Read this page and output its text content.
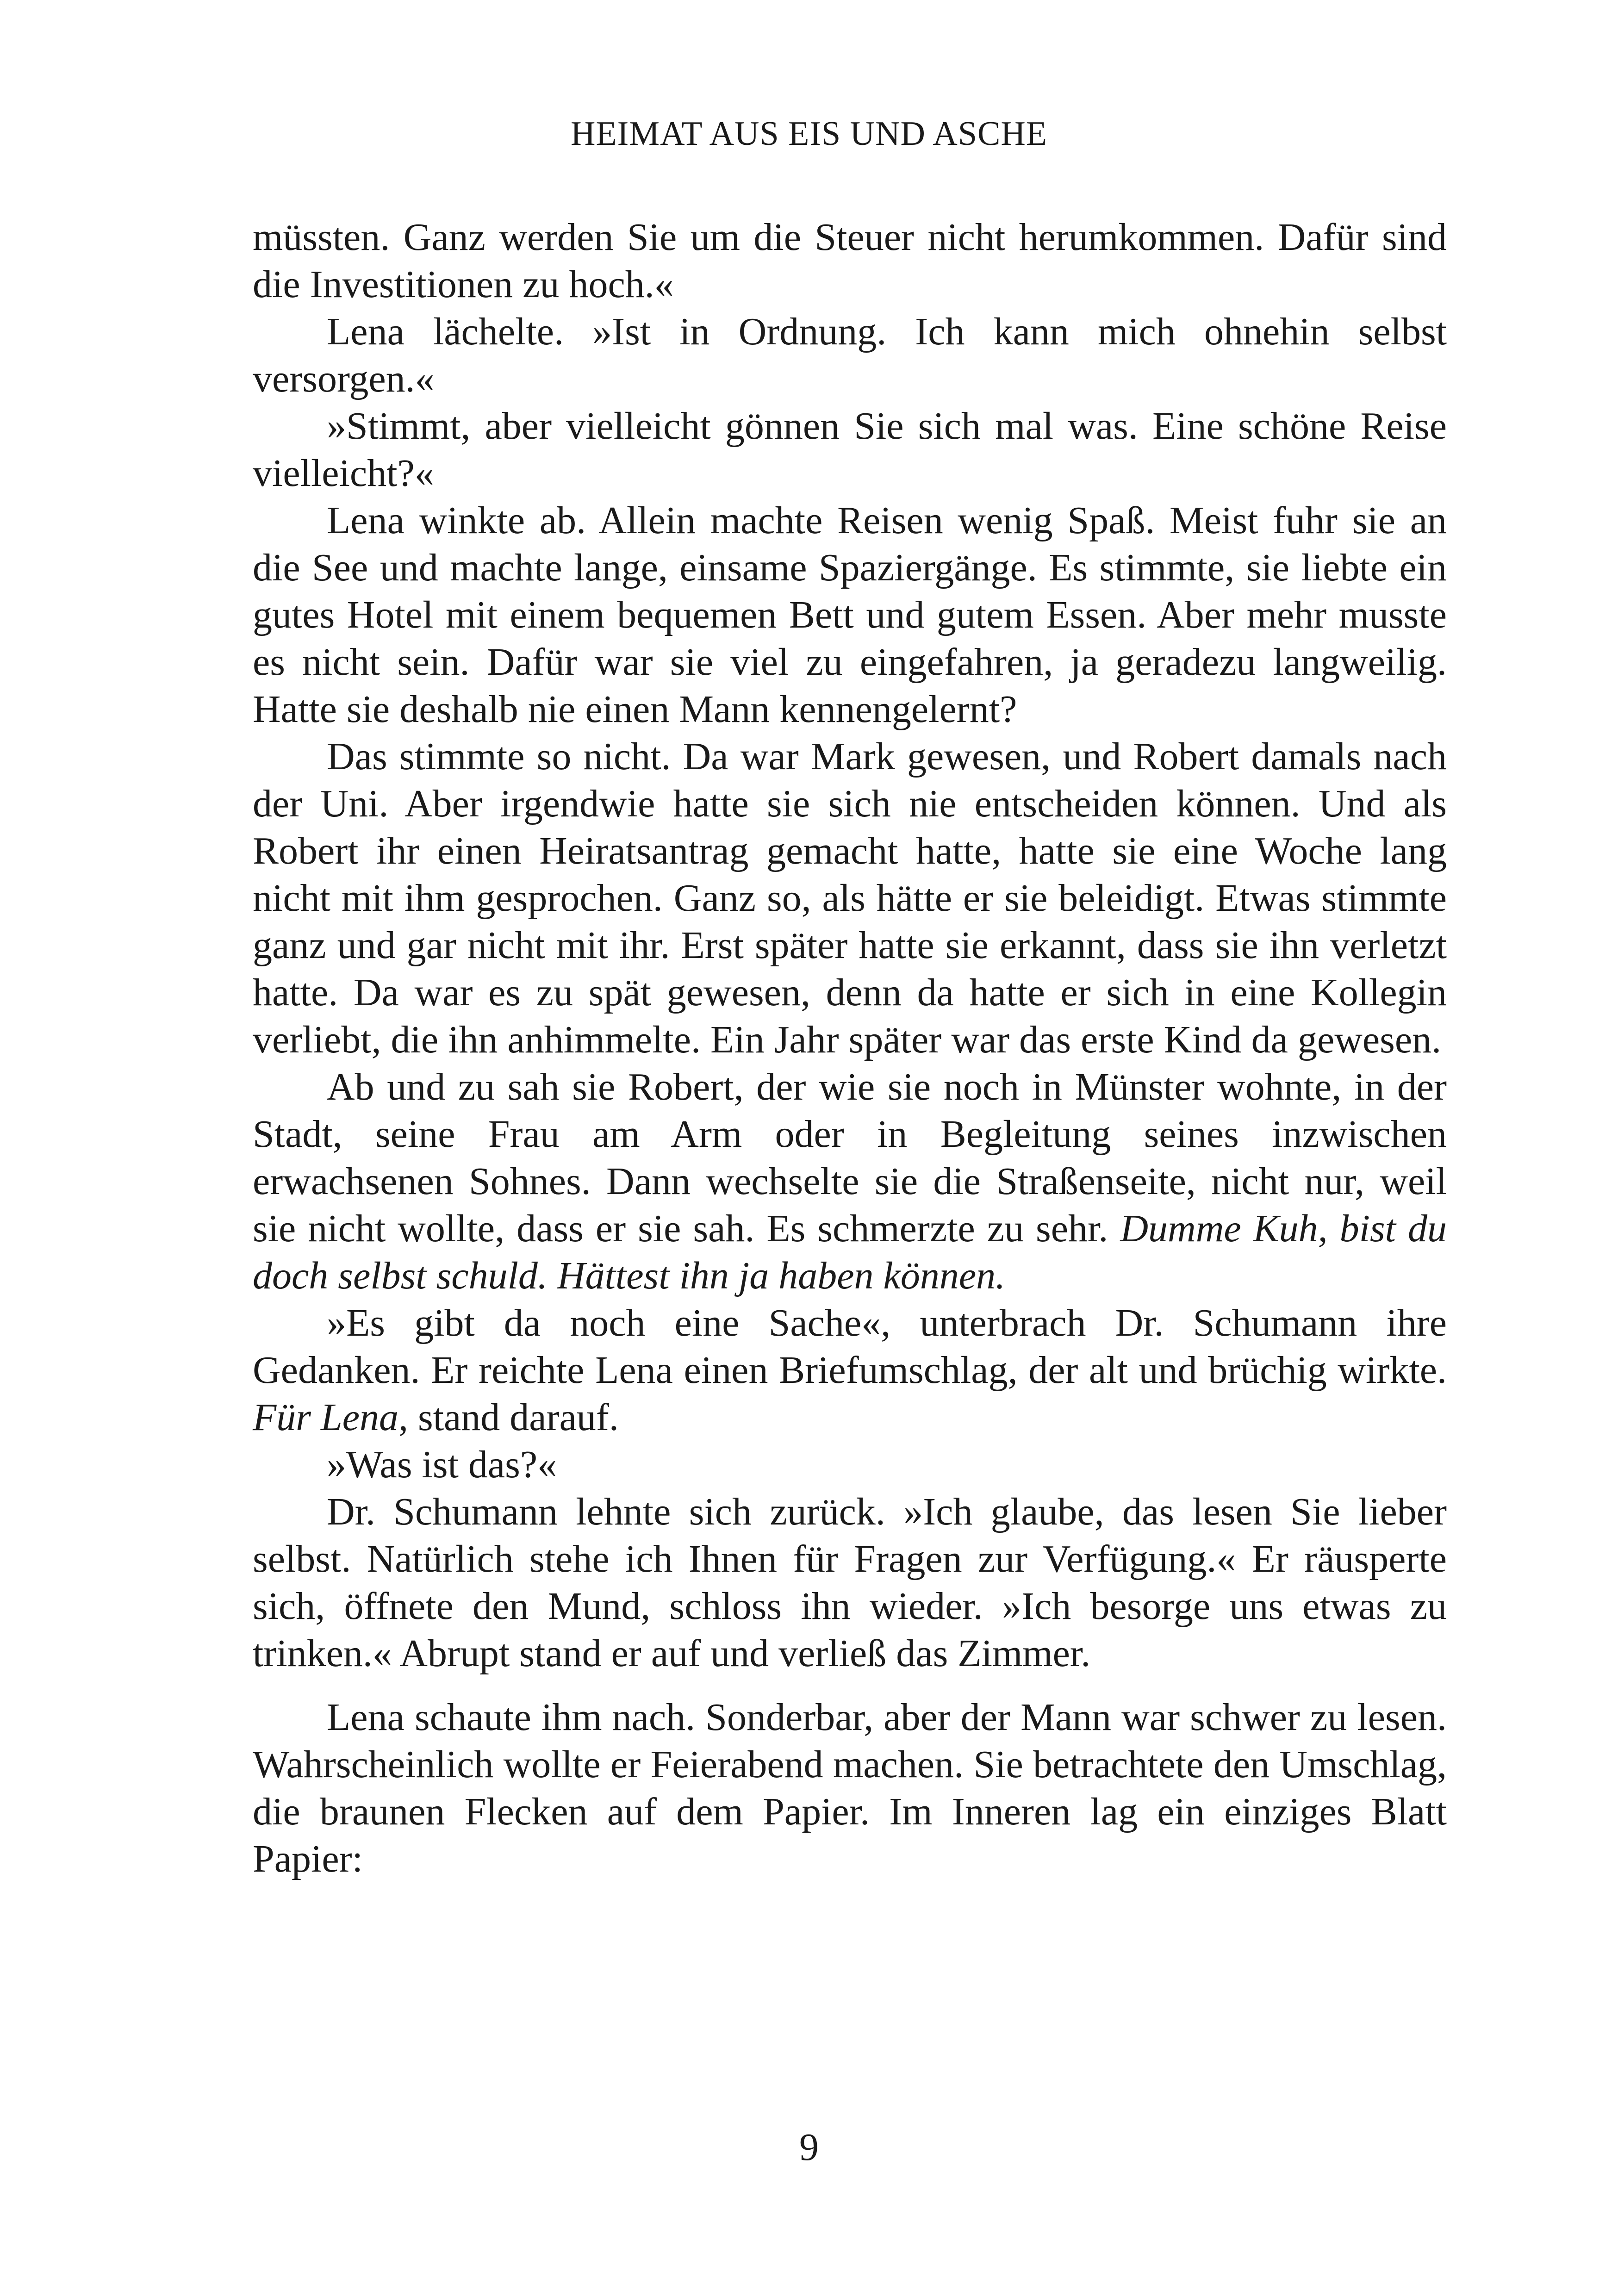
HEIMAT AUS EIS UND ASCHE

müssten. Ganz werden Sie um die Steuer nicht herumkommen. Dafür sind die Investitionen zu hoch.«

Lena lächelte. »Ist in Ordnung. Ich kann mich ohnehin selbst versorgen.«

»Stimmt, aber vielleicht gönnen Sie sich mal was. Eine schöne Reise vielleicht?«

Lena winkte ab. Allein machte Reisen wenig Spaß. Meist fuhr sie an die See und machte lange, einsame Spaziergänge. Es stimmte, sie liebte ein gutes Hotel mit einem bequemen Bett und gutem Essen. Aber mehr musste es nicht sein. Dafür war sie viel zu eingefahren, ja geradezu langweilig. Hatte sie deshalb nie einen Mann kennengelernt?

Das stimmte so nicht. Da war Mark gewesen, und Robert damals nach der Uni. Aber irgendwie hatte sie sich nie entscheiden können. Und als Robert ihr einen Heiratsantrag gemacht hatte, hatte sie eine Woche lang nicht mit ihm gesprochen. Ganz so, als hätte er sie beleidigt. Etwas stimmte ganz und gar nicht mit ihr. Erst später hatte sie erkannt, dass sie ihn verletzt hatte. Da war es zu spät gewesen, denn da hatte er sich in eine Kollegin verliebt, die ihn anhimmelte. Ein Jahr später war das erste Kind da gewesen.

Ab und zu sah sie Robert, der wie sie noch in Münster wohnte, in der Stadt, seine Frau am Arm oder in Begleitung seines inzwischen erwachsenen Sohnes. Dann wechselte sie die Straßenseite, nicht nur, weil sie nicht wollte, dass er sie sah. Es schmerzte zu sehr. Dumme Kuh, bist du doch selbst schuld. Hättest ihn ja haben können.

»Es gibt da noch eine Sache«, unterbrach Dr. Schumann ihre Gedanken. Er reichte Lena einen Briefumschlag, der alt und brüchig wirkte. Für Lena, stand darauf.

»Was ist das?«

Dr. Schumann lehnte sich zurück. »Ich glaube, das lesen Sie lieber selbst. Natürlich stehe ich Ihnen für Fragen zur Verfügung.« Er räusperte sich, öffnete den Mund, schloss ihn wieder. »Ich besorge uns etwas zu trinken.« Abrupt stand er auf und verließ das Zimmer.

Lena schaute ihm nach. Sonderbar, aber der Mann war schwer zu lesen. Wahrscheinlich wollte er Feierabend machen. Sie betrachtete den Umschlag, die braunen Flecken auf dem Papier. Im Inneren lag ein einziges Blatt Papier:

9
